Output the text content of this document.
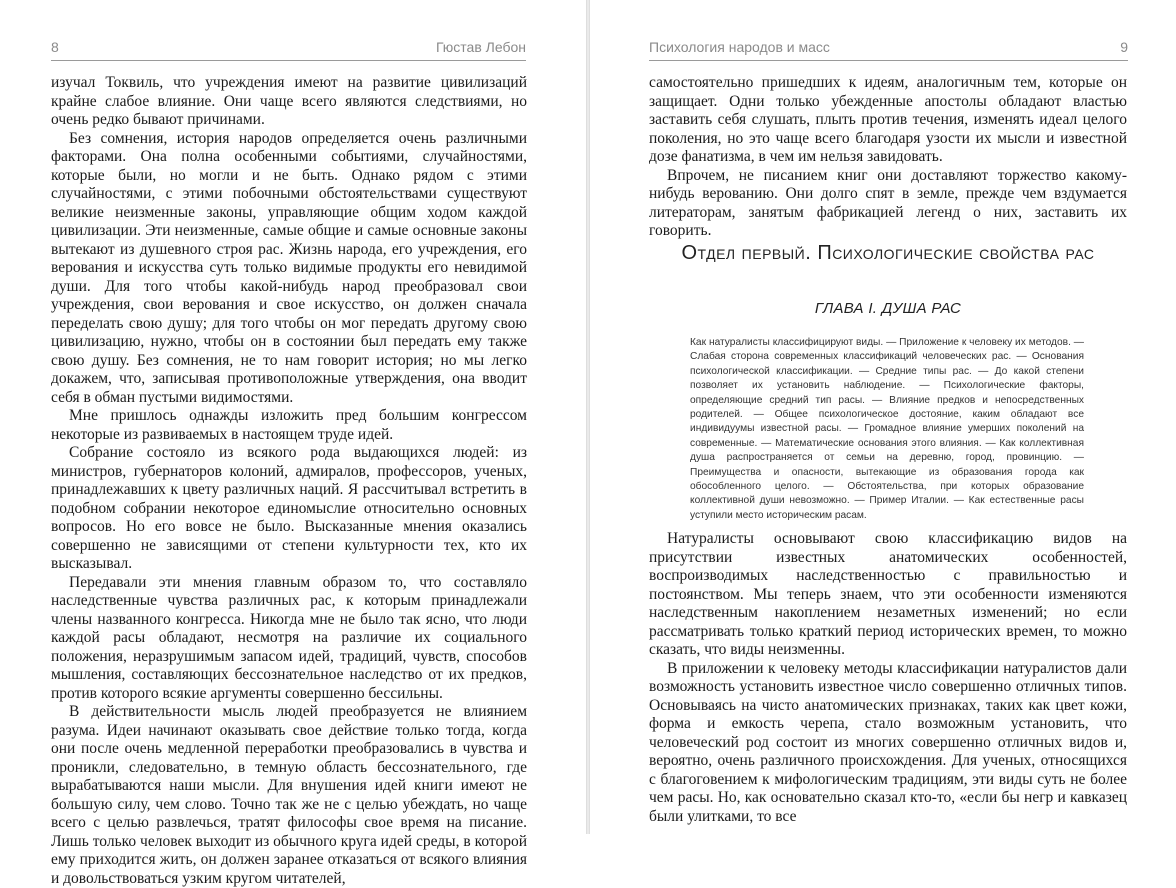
8	Гюстав Лебон

изучал Токвиль, что учреждения имеют на развитие цивилизаций крайне слабое влияние. Они чаще всего являются следствиями, но очень редко бывают причинами.

Без сомнения, история народов определяется очень различными факторами. Она полна особенными событиями, случайностями, которые были, но могли и не быть. Однако рядом с этими случайностями, с этими побочными обстоятельствами существуют великие неизменные законы, управляющие общим ходом каждой цивилизации. Эти неизменные, самые общие и самые основные законы вытекают из душевного строя рас. Жизнь народа, его учреждения, его верования и искусства суть только видимые продукты его невидимой души. Для того чтобы какой-нибудь народ преобразовал свои учреждения, свои верования и свое искусство, он должен сначала переделать свою душу; для того чтобы он мог передать другому свою цивилизацию, нужно, чтобы он в состоянии был передать ему также свою душу. Без сомнения, не то нам говорит история; но мы легко докажем, что, записывая противоположные утверждения, она вводит себя в обман пустыми видимостями.

Мне пришлось однажды изложить пред большим конгрессом некоторые из развиваемых в настоящем труде идей.

Собрание состояло из всякого рода выдающихся людей: из министров, губернаторов колоний, адмиралов, профессоров, ученых, принадлежавших к цвету различных наций. Я рассчитывал встретить в подобном собрании некоторое единомыслие относительно основных вопросов. Но его вовсе не было. Высказанные мнения оказались совершенно не зависящими от степени культурности тех, кто их высказывал.

Передавали эти мнения главным образом то, что составляло наследственные чувства различных рас, к которым принадлежали члены названного конгресса. Никогда мне не было так ясно, что люди каждой расы обладают, несмотря на различие их социального положения, неразрушимым запасом идей, традиций, чувств, способов мышления, составляющих бессознательное наследство от их предков, против которого всякие аргументы совершенно бессильны.

В действительности мысль людей преобразуется не влиянием разума. Идеи начинают оказывать свое действие только тогда, когда они после очень медленной переработки преобразовались в чувства и проникли, следовательно, в темную область бессознательного, где вырабатываются наши мысли. Для внушения идей книги имеют не большую силу, чем слово. Точно так же не с целью убеждать, но чаще всего с целью развлечься, тратят философы свое время на писание. Лишь только человек выходит из обычного круга идей среды, в которой ему приходится жить, он должен заранее отказаться от всякого влияния и довольствоваться узким кругом читателей,

Психология народов и масс	9

самостоятельно пришедших к идеям, аналогичным тем, которые он защищает. Одни только убежденные апостолы обладают властью заставить себя слушать, плыть против течения, изменять идеал целого поколения, но это чаще всего благодаря узости их мысли и известной дозе фанатизма, в чем им нельзя завидовать.

Впрочем, не писанием книг они доставляют торжество какому-нибудь верованию. Они долго спят в земле, прежде чем вздумается литераторам, занятым фабрикацией легенд о них, заставить их говорить.

Отдел первый. Психологические свойства рас
ГЛАВА I. ДУША РАС
Как натуралисты классифицируют виды. — Приложение к человеку их методов. — Слабая сторона современных классификаций человеческих рас. — Основания психологической классификации. — Средние типы рас. — До какой степени позволяет их установить наблюдение. — Психологические факторы, определяющие средний тип расы. — Влияние предков и непосредственных родителей. — Общее психологическое достояние, каким обладают все индивидуумы известной расы. — Громадное влияние умерших поколений на современные. — Математические основания этого влияния. — Как коллективная душа распространяется от семьи на деревню, город, провинцию. — Преимущества и опасности, вытекающие из образования города как обособленного целого. — Обстоятельства, при которых образование коллективной души невозможно. — Пример Италии. — Как естественные расы уступили место историческим расам.

Натуралисты основывают свою классификацию видов на присутствии известных анатомических особенностей, воспроизводимых наследственностью с правильностью и постоянством. Мы теперь знаем, что эти особенности изменяются наследственным накоплением незаметных изменений; но если рассматривать только краткий период исторических времен, то можно сказать, что виды неизменны.

В приложении к человеку методы классификации натуралистов дали возможность установить известное число совершенно отличных типов. Основываясь на чисто анатомических признаках, таких как цвет кожи, форма и емкость черепа, стало возможным установить, что человеческий род состоит из многих совершенно отличных видов и, вероятно, очень различного происхождения. Для ученых, относящихся с благоговением к мифологическим традициям, эти виды суть не более чем расы. Но, как основательно сказал кто-то, «если бы негр и кавказец были улитками, то все
